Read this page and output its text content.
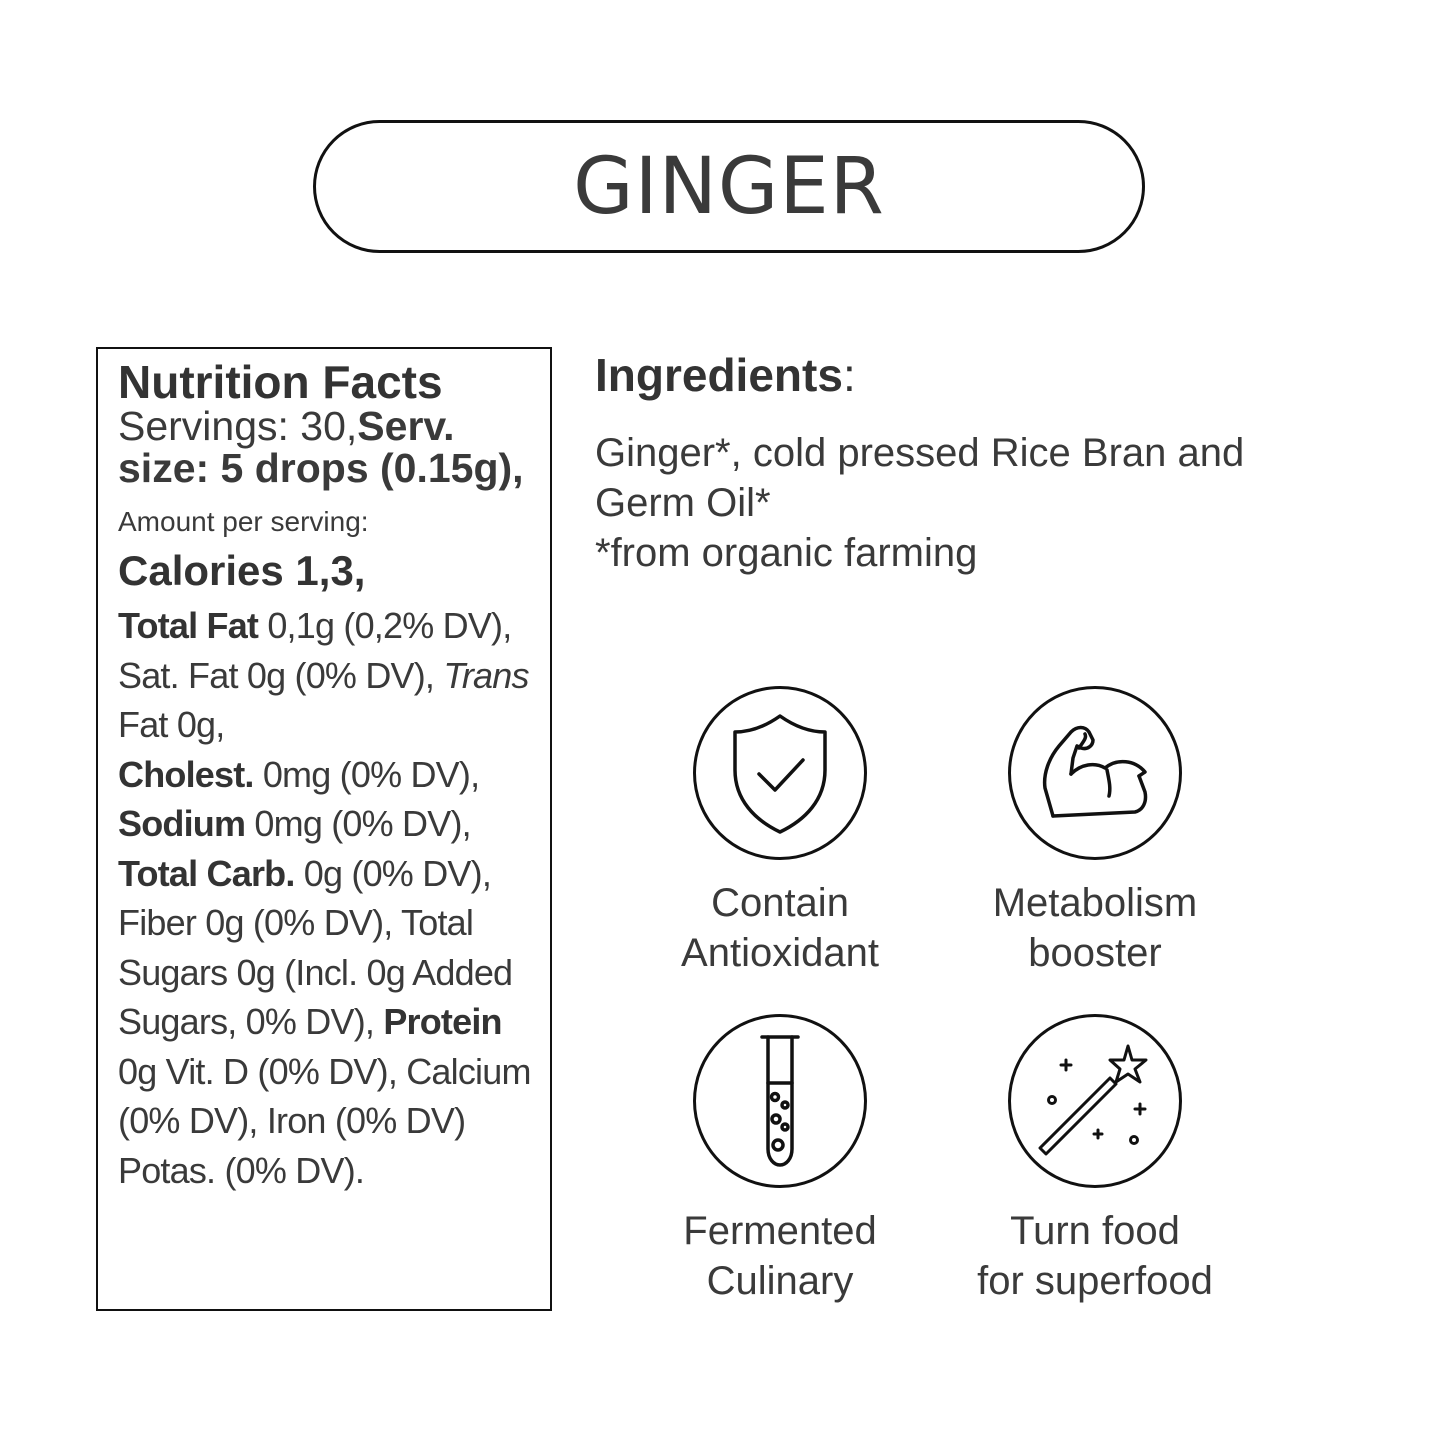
GINGER
Nutrition Facts
Servings: 30,Serv. size: 5 drops (0.15g),
Amount per serving:
Calories 1,3,
Total Fat 0,1g (0,2% DV), Sat. Fat 0g (0% DV), Trans Fat 0g,
Cholest. 0mg (0% DV),
Sodium 0mg (0% DV),
Total Carb. 0g (0% DV), Fiber 0g (0% DV), Total Sugars 0g (Incl. 0g Added Sugars, 0% DV), Protein 0g Vit. D (0% DV), Calcium (0% DV), Iron (0% DV) Potas. (0% DV).
Ingredients:
Ginger*, cold pressed Rice Bran and
Germ Oil*
*from organic farming
Contain
Antioxidant
Metabolism
booster
Fermented
Culinary
Turn food
for superfood
